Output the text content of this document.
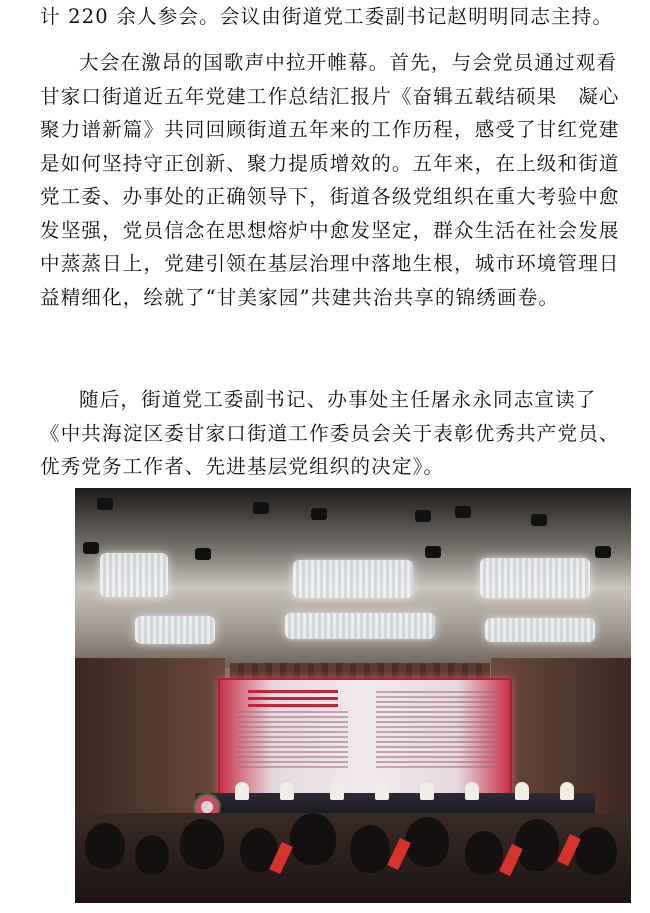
计 220 余人参会。会议由街道党工委副书记赵明明同志主持。

大会在激昂的国歌声中拉开帷幕。首先，与会党员通过观看甘家口街道近五年党建工作总结汇报片《奋辑五载结硕果　凝心聚力谱新篇》共同回顾街道五年来的工作历程，感受了甘红党建是如何坚持守正创新、聚力提质增效的。五年来，在上级和街道党工委、办事处的正确领导下，街道各级党组织在重大考验中愈发坚强，党员信念在思想熔炉中愈发坚定，群众生活在社会发展中蒸蒸日上，党建引领在基层治理中落地生根，城市环境管理日益精细化，绘就了“甘美家园”共建共治共享的锦绣画卷。

随后，街道党工委副书记、办事处主任屠永永同志宣读了《中共海淀区委甘家口街道工作委员会关于表彰优秀共产党员、优秀党务工作者、先进基层党组织的决定》。
